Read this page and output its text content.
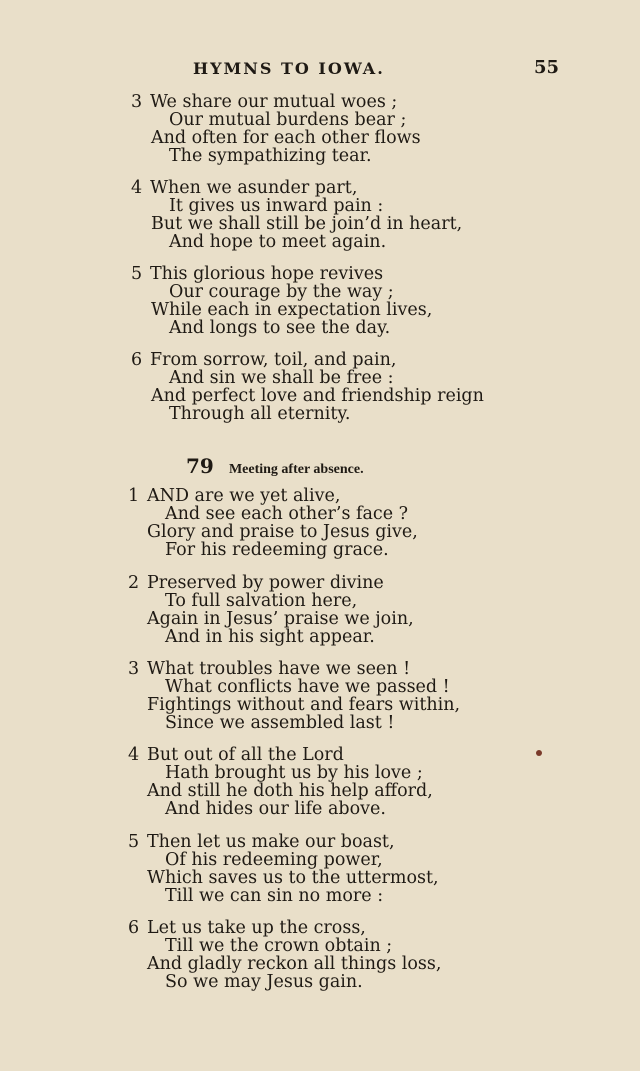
HYMNS TO IOWA.	55
3 We share our mutual woes ;
Our mutual burdens bear ;
And often for each other flows
The sympathizing tear.
4 When we asunder part,
It gives us inward pain :
But we shall still be join’d in heart,
And hope to meet again.
5 This glorious hope revives
Our courage by the way ;
While each in expectation lives,
And longs to see the day.
6 From sorrow, toil, and pain,
And sin we shall be free :
And perfect love and friendship reign
Through all eternity.
79 Meeting after absence.
1 AND are we yet alive,
And see each other’s face ?
Glory and praise to Jesus give,
For his redeeming grace.
2 Preserved by power divine
To full salvation here,
Again in Jesus’ praise we join,
And in his sight appear.
3 What troubles have we seen !
What conflicts have we passed !
Fightings without and fears within,
Since we assembled last !
4 But out of all the Lord
Hath brought us by his love ;
And still he doth his help afford,
And hides our life above.
5 Then let us make our boast,
Of his redeeming power,
Which saves us to the uttermost,
Till we can sin no more :
6 Let us take up the cross,
Till we the crown obtain ;
And gladly reckon all things loss,
So we may Jesus gain.
